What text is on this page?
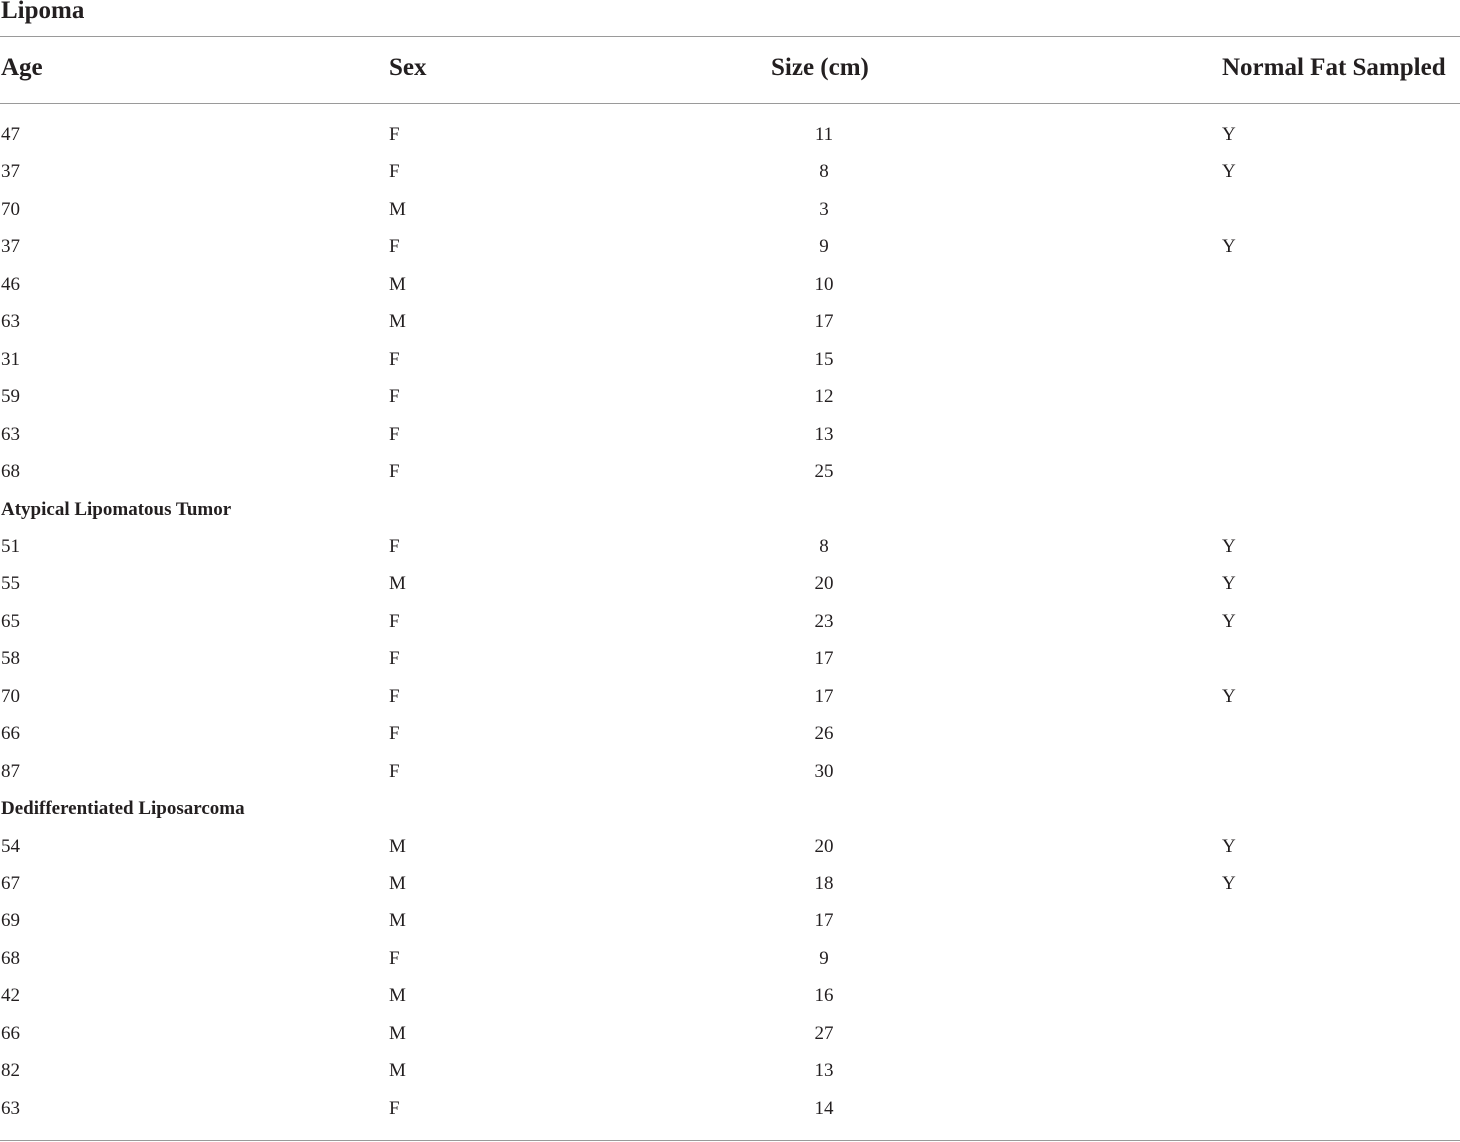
Lipoma
Age	Sex	Size (cm)	Normal Fat Sampled
47	F	11	Y
37	F	8	Y
70	M	3
37	F	9	Y
46	M	10
63	M	17
31	F	15
59	F	12
63	F	13
68	F	25
Atypical Lipomatous Tumor
51	F	8	Y
55	M	20	Y
65	F	23	Y
58	F	17
70	F	17	Y
66	F	26
87	F	30
Dedifferentiated Liposarcoma
54	M	20	Y
67	M	18	Y
69	M	17
68	F	9
42	M	16
66	M	27
82	M	13
63	F	14
